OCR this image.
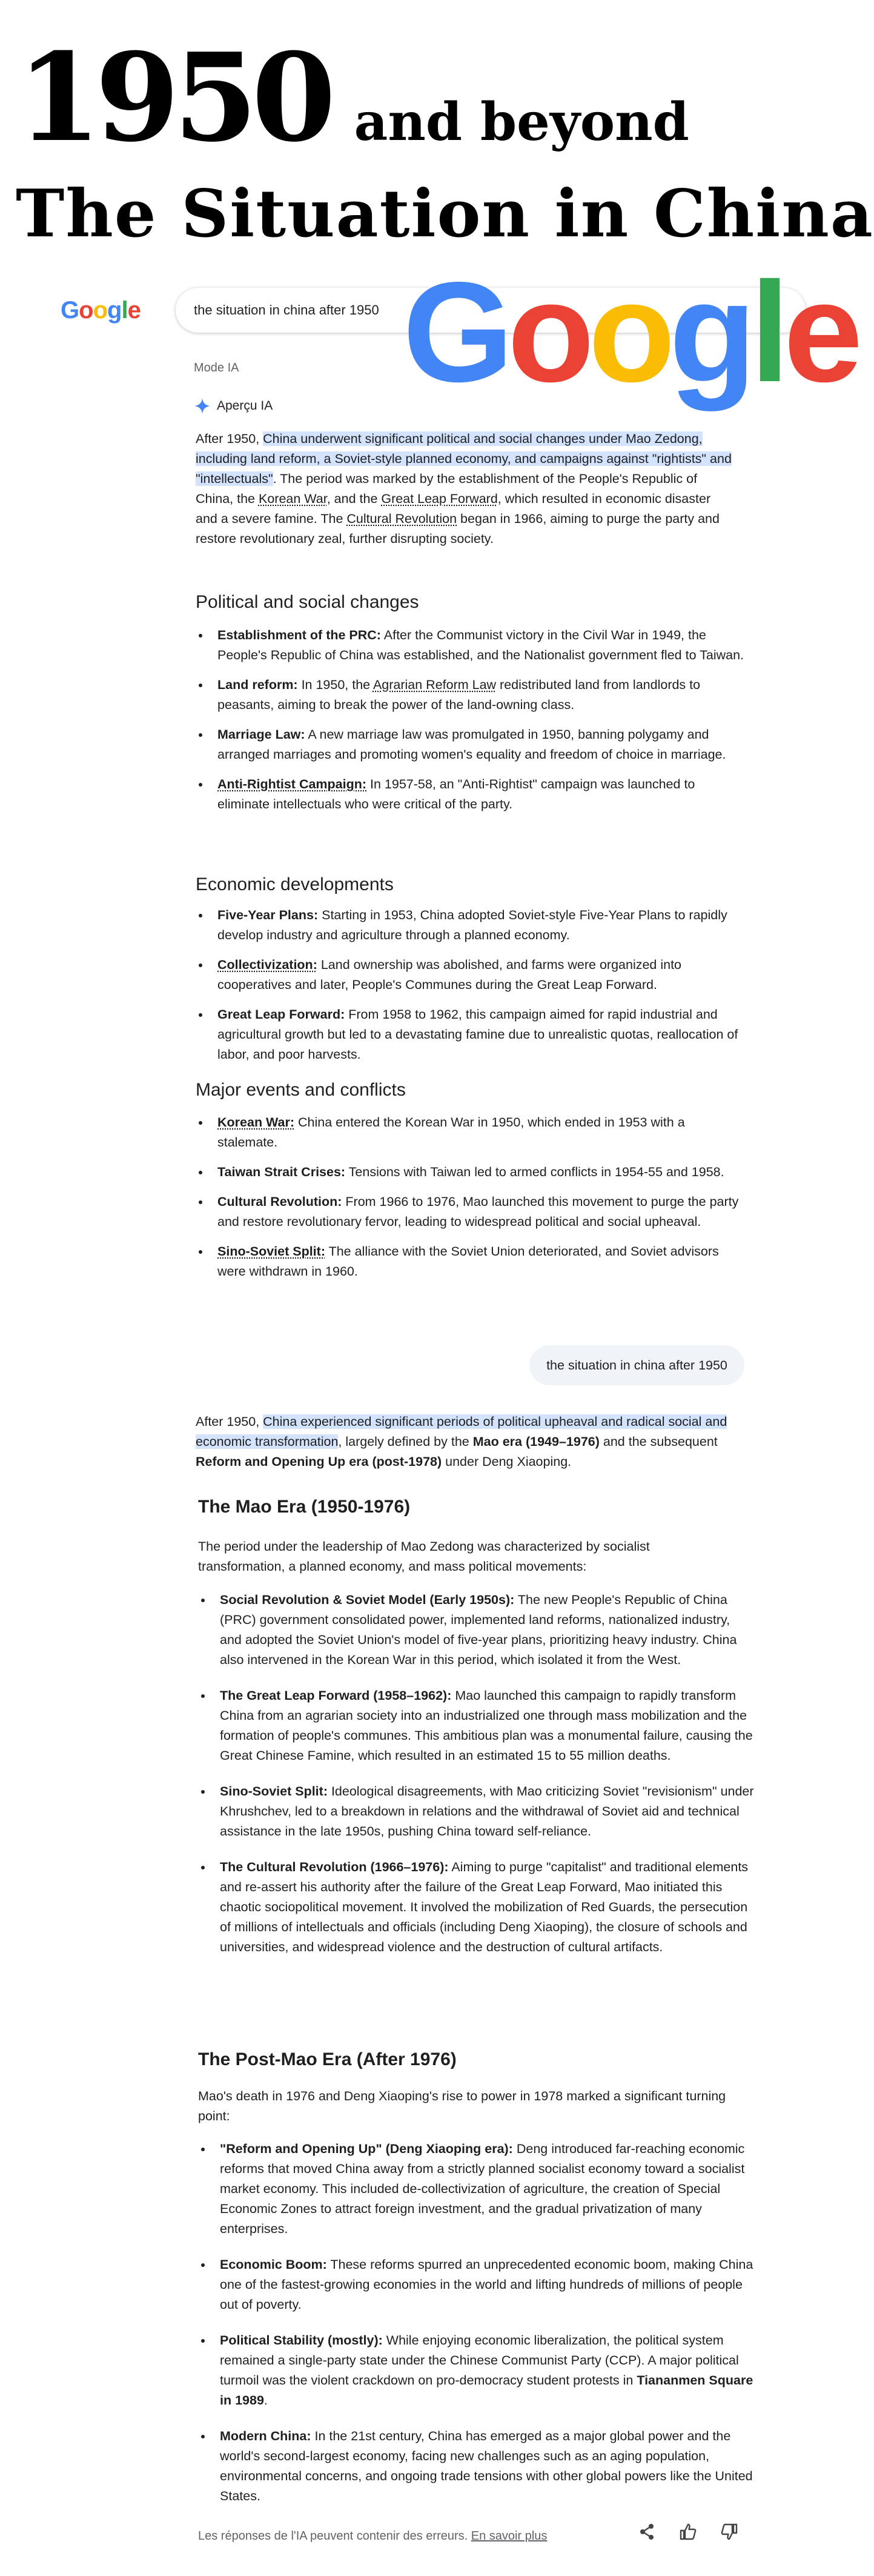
1950 and beyond
The Situation in China
Google	the situation in china after 1950 Google
Mode IA
Aperçu IA

After 1950, China underwent significant political and social changes under Mao Zedong, including land reform, a Soviet-style planned economy, and campaigns against "rightists" and "intellectuals". The period was marked by the establishment of the People's Republic of China, the Korean War, and the Great Leap Forward, which resulted in economic disaster and a severe famine. The Cultural Revolution began in 1966, aiming to purge the party and restore revolutionary zeal, further disrupting society.

Political and social changes
• Establishment of the PRC: After the Communist victory in the Civil War in 1949, the People's Republic of China was established, and the Nationalist government fled to Taiwan.
• Land reform: In 1950, the Agrarian Reform Law redistributed land from landlords to peasants, aiming to break the power of the land-owning class.
• Marriage Law: A new marriage law was promulgated in 1950, banning polygamy and arranged marriages and promoting women's equality and freedom of choice in marriage.
• Anti-Rightist Campaign: In 1957-58, an "Anti-Rightist" campaign was launched to eliminate intellectuals who were critical of the party.
Economic developments
• Five-Year Plans: Starting in 1953, China adopted Soviet-style Five-Year Plans to rapidly develop industry and agriculture through a planned economy.
• Collectivization: Land ownership was abolished, and farms were organized into cooperatives and later, People's Communes during the Great Leap Forward.
• Great Leap Forward: From 1958 to 1962, this campaign aimed for rapid industrial and agricultural growth but led to a devastating famine due to unrealistic quotas, reallocation of labor, and poor harvests.
Major events and conflicts
• Korean War: China entered the Korean War in 1950, which ended in 1953 with a stalemate.
• Taiwan Strait Crises: Tensions with Taiwan led to armed conflicts in 1954-55 and 1958.
• Cultural Revolution: From 1966 to 1976, Mao launched this movement to purge the party and restore revolutionary fervor, leading to widespread political and social upheaval.
• Sino-Soviet Split: The alliance with the Soviet Union deteriorated, and Soviet advisors were withdrawn in 1960.
the situation in china after 1950

After 1950, China experienced significant periods of political upheaval and radical social and economic transformation, largely defined by the Mao era (1949–1976) and the subsequent Reform and Opening Up era (post-1978) under Deng Xiaoping.

The Mao Era (1950-1976)

The period under the leadership of Mao Zedong was characterized by socialist transformation, a planned economy, and mass political movements:

• Social Revolution & Soviet Model (Early 1950s): The new People's Republic of China (PRC) government consolidated power, implemented land reforms, nationalized industry, and adopted the Soviet Union's model of five-year plans, prioritizing heavy industry. China also intervened in the Korean War in this period, which isolated it from the West.
• The Great Leap Forward (1958–1962): Mao launched this campaign to rapidly transform China from an agrarian society into an industrialized one through mass mobilization and the formation of people's communes. This ambitious plan was a monumental failure, causing the Great Chinese Famine, which resulted in an estimated 15 to 55 million deaths.
• Sino-Soviet Split: Ideological disagreements, with Mao criticizing Soviet "revisionism" under Khrushchev, led to a breakdown in relations and the withdrawal of Soviet aid and technical assistance in the late 1950s, pushing China toward self-reliance.
• The Cultural Revolution (1966–1976): Aiming to purge "capitalist" and traditional elements and re-assert his authority after the failure of the Great Leap Forward, Mao initiated this chaotic sociopolitical movement. It involved the mobilization of Red Guards, the persecution of millions of intellectuals and officials (including Deng Xiaoping), the closure of schools and universities, and widespread violence and the destruction of cultural artifacts.
The Post-Mao Era (After 1976)

Mao's death in 1976 and Deng Xiaoping's rise to power in 1978 marked a significant turning point:

• "Reform and Opening Up" (Deng Xiaoping era): Deng introduced far-reaching economic reforms that moved China away from a strictly planned socialist economy toward a socialist market economy. This included de-collectivization of agriculture, the creation of Special Economic Zones to attract foreign investment, and the gradual privatization of many enterprises.
• Economic Boom: These reforms spurred an unprecedented economic boom, making China one of the fastest-growing economies in the world and lifting hundreds of millions of people out of poverty.
• Political Stability (mostly): While enjoying economic liberalization, the political system remained a single-party state under the Chinese Communist Party (CCP). A major political turmoil was the violent crackdown on pro-democracy student protests in Tiananmen Square in 1989.
• Modern China: In the 21st century, China has emerged as a major global power and the world's second-largest economy, facing new challenges such as an aging population, environmental concerns, and ongoing trade tensions with other global powers like the United States.
Les réponses de l'IA peuvent contenir des erreurs. En savoir plus
